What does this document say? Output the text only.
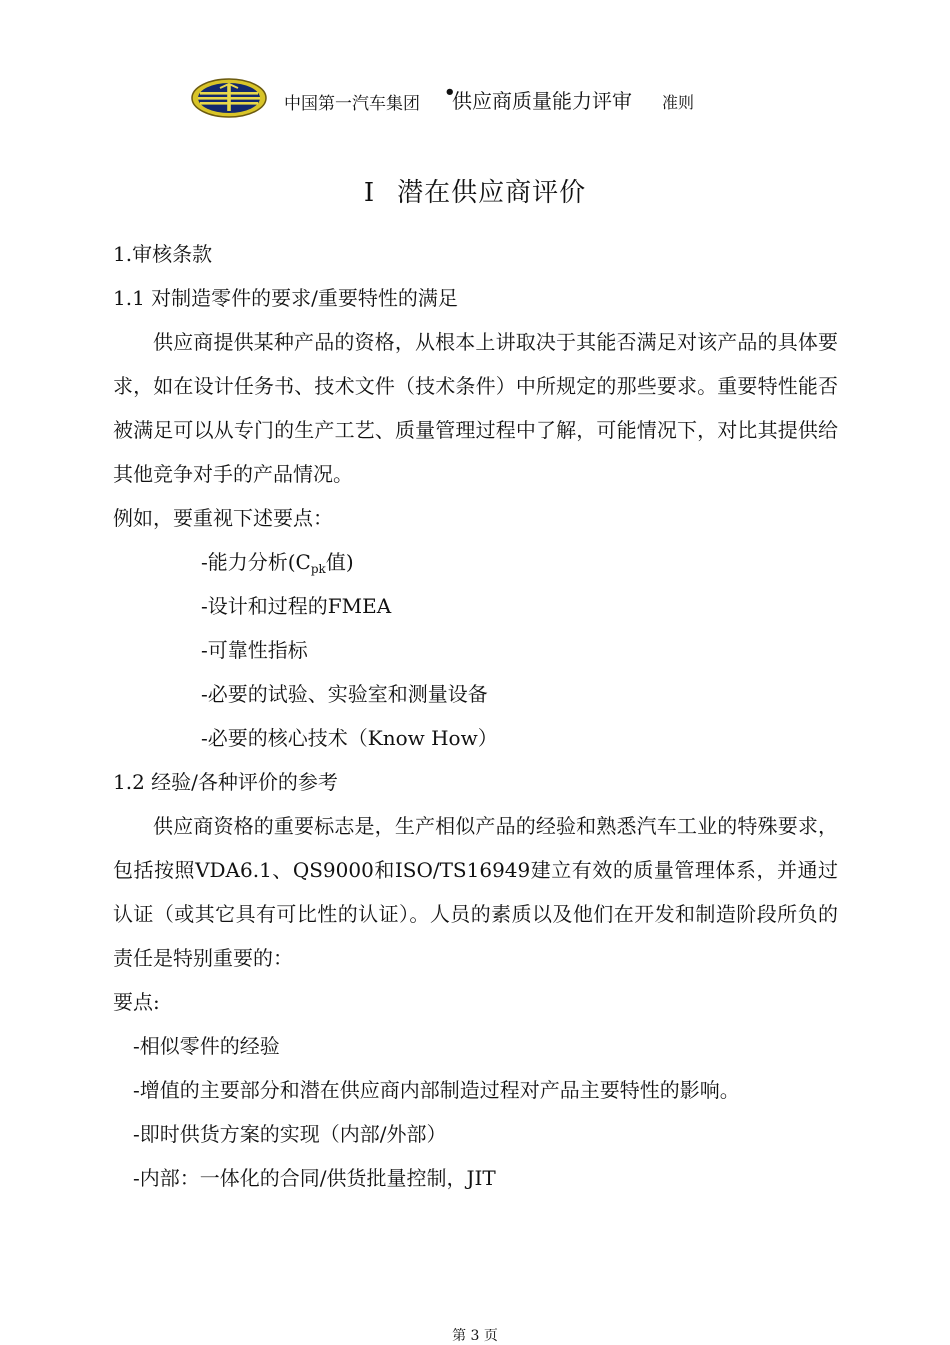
中国第一汽车集团
•
供应商质量能力评审 准则
Ⅰ 潜在供应商评价
1.审核条款
1.1 对制造零件的要求/重要特性的满足
供应商提供某种产品的资格，从根本上讲取决于其能否满足对该产品的具体要求，如在设计任务书、技术文件（技术条件）中所规定的那些要求。重要特性能否被满足可以从专门的生产工艺、质量管理过程中了解，可能情况下，对比其提供给其他竞争对手的产品情况。
例如，要重视下述要点：
-能力分析($C_{pk}$值)
-设计和过程的FMEA
-可靠性指标
-必要的试验、实验室和测量设备
-必要的核心技术（Know How）
1.2 经验/各种评价的参考
供应商资格的重要标志是，生产相似产品的经验和熟悉汽车工业的特殊要求，包括按照VDA6.1、QS9000和ISO/TS16949建立有效的质量管理体系，并通过认证（或其它具有可比性的认证）。人员的素质以及他们在开发和制造阶段所负的责任是特别重要的：
要点:
-相似零件的经验
-增值的主要部分和潜在供应商内部制造过程对产品主要特性的影响。
-即时供货方案的实现（内部/外部）
-内部：一体化的合同/供货批量控制，JIT
第 3 页
